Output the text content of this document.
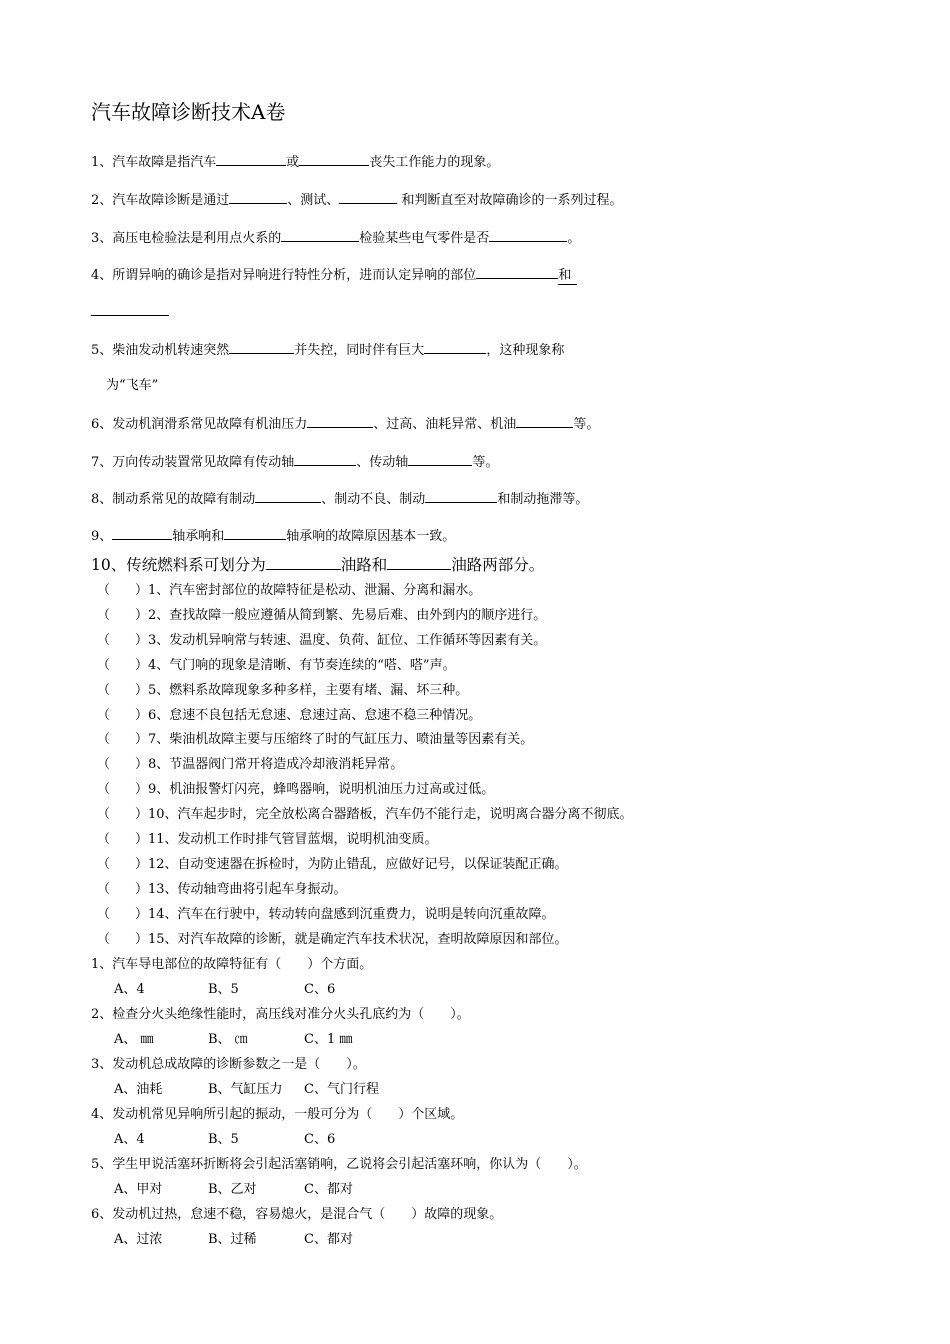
汽车故障诊断技术A卷
1、汽车故障是指汽车	或	丧失工作能力的现象。
2、汽车故障诊断是通过	、测试、	和判断直至对故障确诊的一系列过程。
3、高压电检验法是利用点火系的	检验某些电气零件是否	。
4、所谓异响的确诊是指对异响进行特性分析，进而认定异响的部位	和
5、柴油发动机转速突然	并失控，同时伴有巨大	，这种现象称
为“飞车”
6、发动机润滑系常见故障有机油压力	、过高、油耗异常、机油	等。
7、万向传动装置常见故障有传动轴	、传动轴	等。
8、制动系常见的故障有制动	、制动不良、制动	和制动拖滞等。
9、	轴承响和	轴承响的故障原因基本一致。
10、传统燃料系可划分为	油路和	油路两部分。
（ ）1、汽车密封部位的故障特征是松动、泄漏、分离和漏水。
（ ）2、查找故障一般应遵循从简到繁、先易后难、由外到内的顺序进行。
（ ）3、发动机异响常与转速、温度、负荷、缸位、工作循环等因素有关。
（ ）4、气门响的现象是清晰、有节奏连续的“嗒、嗒”声。
（ ）5、燃料系故障现象多种多样，主要有堵、漏、坏三种。
（ ）6、怠速不良包括无怠速、怠速过高、怠速不稳三种情况。
（ ）7、柴油机故障主要与压缩终了时的气缸压力、喷油量等因素有关。
（ ）8、节温器阀门常开将造成冷却液消耗异常。
（ ）9、机油报警灯闪亮，蜂鸣器响，说明机油压力过高或过低。
（ ）10、汽车起步时，完全放松离合器踏板，汽车仍不能行走，说明离合器分离不彻底。
（ ）11、发动机工作时排气管冒蓝烟，说明机油变质。
（ ）12、自动变速器在拆检时，为防止错乱，应做好记号，以保证装配正确。
（ ）13、传动轴弯曲将引起车身振动。
（ ）14、汽车在行驶中，转动转向盘感到沉重费力，说明是转向沉重故障。
（ ）15、对汽车故障的诊断，就是确定汽车技术状况，查明故障原因和部位。
1、汽车导电部位的故障特征有（　　）个方面。
A、4	B、5	C、6
2、检查分火头绝缘性能时，高压线对准分火头孔底约为（　　）。
A、 ㎜	B、 ㎝	C、1 ㎜
3、发动机总成故障的诊断参数之一是（　　）。
A、油耗	B、气缸压力 C、气门行程
4、发动机常见异响所引起的振动，一般可分为（　　）个区域。
A、4	B、5	C、6
5、学生甲说活塞环折断将会引起活塞销响，乙说将会引起活塞环响，你认为（　　）。
A、甲对	B、乙对	C、都对
6、发动机过热，怠速不稳，容易熄火，是混合气（　　）故障的现象。
A、过浓	B、过稀	C、都对
